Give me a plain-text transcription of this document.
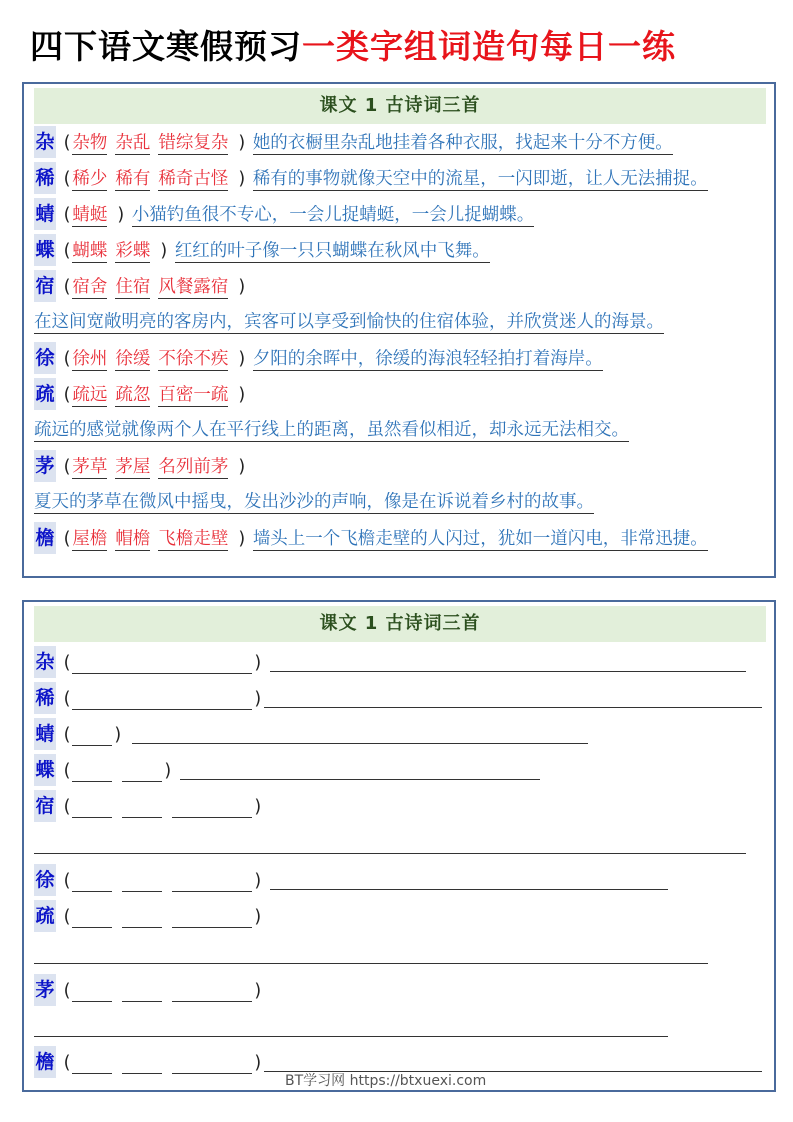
四下语文寒假预习一类字组词造句每日一练
课文 1 古诗词三首
杂 ( 杂物 杂乱 错综复杂 ) 她的衣橱里杂乱地挂着各种衣服，找起来十分不方便。
稀 ( 稀少 稀有 稀奇古怪 ) 稀有的事物就像天空中的流星，一闪即逝，让人无法捕捉。
蜻 ( 蜻蜓 ) 小猫钓鱼很不专心，一会儿捉蜻蜓，一会儿捉蝴蝶。
蝶 ( 蝴蝶 彩蝶 ) 红红的叶子像一只只蝴蝶在秋风中飞舞。
宿 ( 宿舍 住宿 风餐露宿 )
在这间宽敞明亮的客房内，宾客可以享受到愉快的住宿体验，并欣赏迷人的海景。
徐 ( 徐州 徐缓 不徐不疾 ) 夕阳的余晖中，徐缓的海浪轻轻拍打着海岸。
疏 ( 疏远 疏忽 百密一疏 )
疏远的感觉就像两个人在平行线上的距离，虽然看似相近，却永远无法相交。
茅 ( 茅草 茅屋 名列前茅 )
夏天的茅草在微风中摇曳，发出沙沙的声响，像是在诉说着乡村的故事。
檐 ( 屋檐 帽檐 飞檐走壁 ) 墙头上一个飞檐走壁的人闪过，犹如一道闪电，非常迅捷。
课文 1 古诗词三首
杂 (	)
稀 (	)
蜻 (	)
蝶 (	)
宿 (	)
徐 (	)
疏 (	)
茅 (	)
檐 (	)
BT学习网 https://btxuexi.com
